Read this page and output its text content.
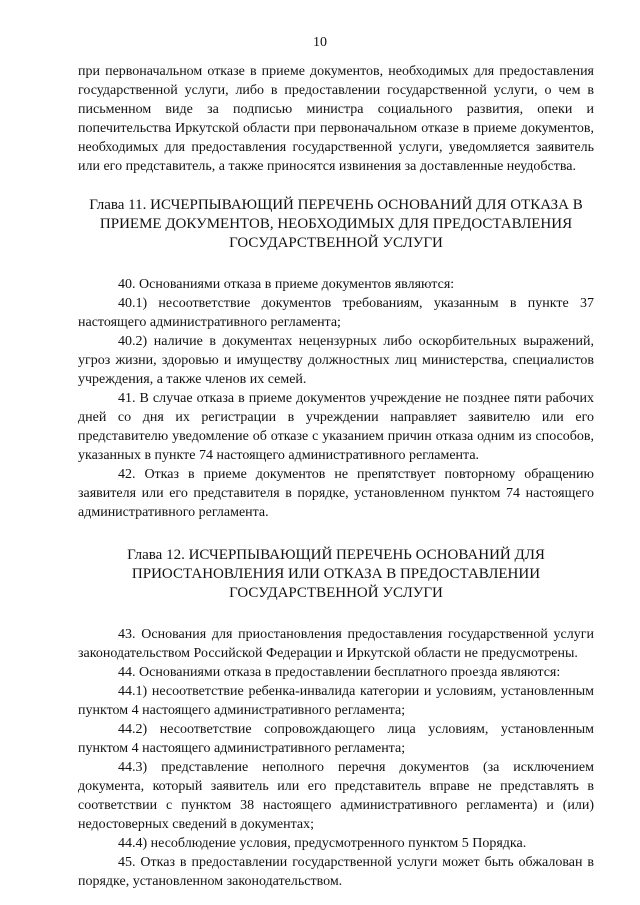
10

при первоначальном отказе в приеме документов, необходимых для предоставления государственной услуги, либо в предоставлении государственной услуги, о чем в письменном виде за подписью министра социального развития, опеки и попечительства Иркутской области при первоначальном отказе в приеме документов, необходимых для предоставления государственной услуги, уведомляется заявитель или его представитель, а также приносятся извинения за доставленные неудобства.

Глава 11. ИСЧЕРПЫВАЮЩИЙ ПЕРЕЧЕНЬ ОСНОВАНИЙ ДЛЯ ОТКАЗА В
ПРИЕМЕ ДОКУМЕНТОВ, НЕОБХОДИМЫХ ДЛЯ ПРЕДОСТАВЛЕНИЯ
ГОСУДАРСТВЕННОЙ УСЛУГИ

40. Основаниями отказа в приеме документов являются:

40.1) несоответствие документов требованиям, указанным в пункте 37 настоящего административного регламента;

40.2) наличие в документах нецензурных либо оскорбительных выражений, угроз жизни, здоровью и имуществу должностных лиц министерства, специалистов учреждения, а также членов их семей.

41. В случае отказа в приеме документов учреждение не позднее пяти рабочих дней со дня их регистрации в учреждении направляет заявителю или его представителю уведомление об отказе с указанием причин отказа одним из способов, указанных в пункте 74 настоящего административного регламента.

42. Отказ в приеме документов не препятствует повторному обращению заявителя или его представителя в порядке, установленном пунктом 74 настоящего административного регламента.

Глава 12. ИСЧЕРПЫВАЮЩИЙ ПЕРЕЧЕНЬ ОСНОВАНИЙ ДЛЯ
ПРИОСТАНОВЛЕНИЯ ИЛИ ОТКАЗА В ПРЕДОСТАВЛЕНИИ
ГОСУДАРСТВЕННОЙ УСЛУГИ

43. Основания для приостановления предоставления государственной услуги законодательством Российской Федерации и Иркутской области не предусмотрены.

44. Основаниями отказа в предоставлении бесплатного проезда являются:

44.1) несоответствие ребенка-инвалида категории и условиям, установленным пунктом 4 настоящего административного регламента;

44.2) несоответствие сопровождающего лица условиям, установленным пунктом 4 настоящего административного регламента;

44.3) представление неполного перечня документов (за исключением документа, который заявитель или его представитель вправе не представлять в соответствии с пунктом 38 настоящего административного регламента) и (или) недостоверных сведений в документах;

44.4) несоблюдение условия, предусмотренного пунктом 5 Порядка.

45. Отказ в предоставлении государственной услуги может быть обжалован в порядке, установленном законодательством.
